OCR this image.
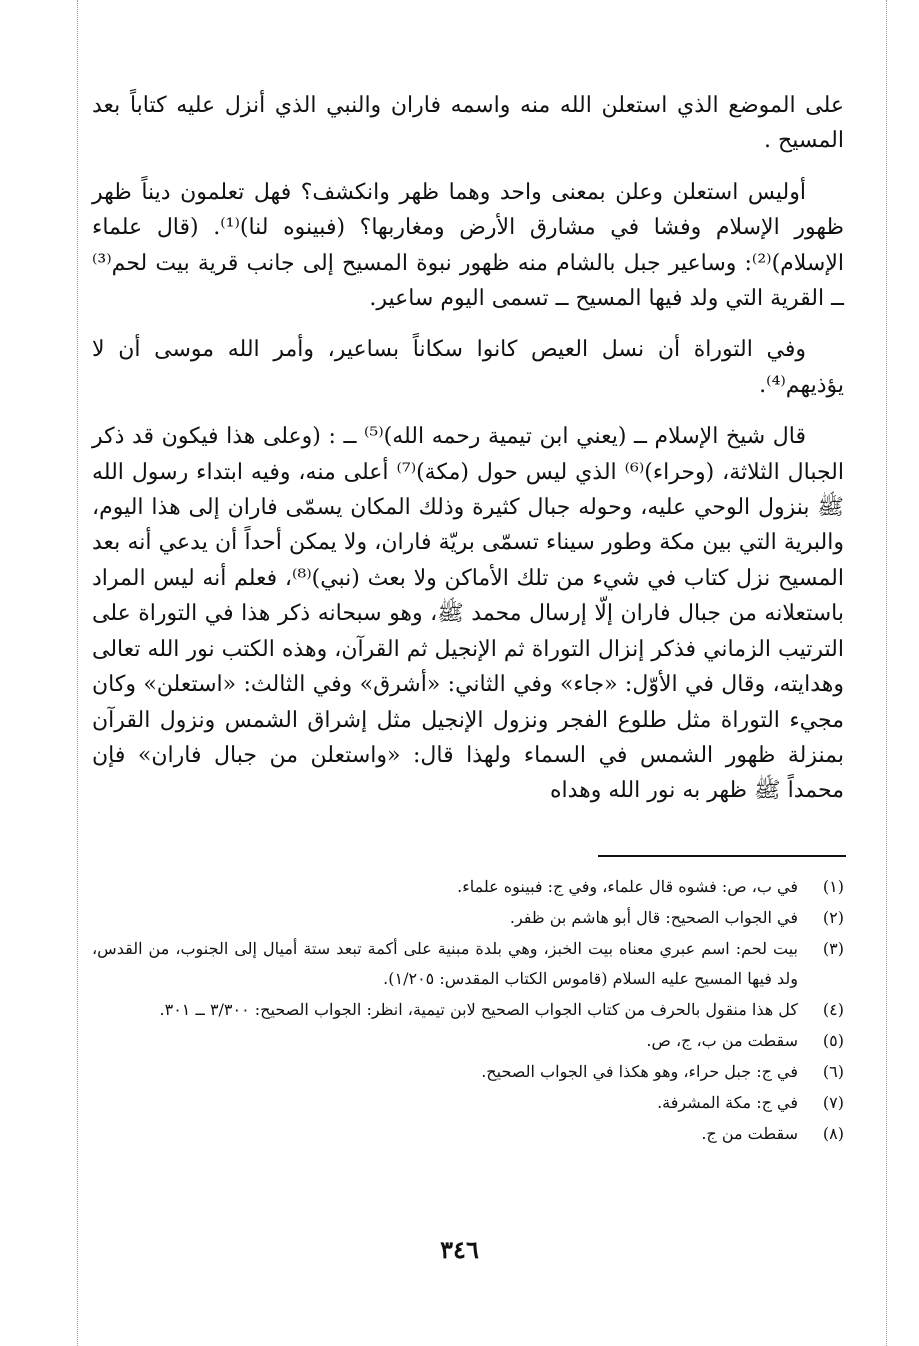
على الموضع الذي استعلن الله منه واسمه فاران والنبي الذي أنزل عليه كتاباً بعد المسيح .

أوليس استعلن وعلن بمعنى واحد وهما ظهر وانكشف؟ فهل تعلمون ديناً ظهر ظهور الإسلام وفشا في مشارق الأرض ومغاربها؟ (فبينوه لنا)⁽¹⁾. (قال علماء الإسلام)⁽²⁾: وساعير جبل بالشام منه ظهور نبوة المسيح إلى جانب قرية بيت لحم⁽³⁾ ــ القرية التي ولد فيها المسيح ــ تسمى اليوم ساعير.

وفي التوراة أن نسل العيص كانوا سكاناً بساعير، وأمر الله موسى أن لا يؤذيهم⁽⁴⁾.

قال شيخ الإسلام ــ (يعني ابن تيمية رحمه الله)⁽⁵⁾ ــ : (وعلى هذا فيكون قد ذكر الجبال الثلاثة، (وحراء)⁽⁶⁾ الذي ليس حول (مكة)⁽⁷⁾ أعلى منه، وفيه ابتداء رسول الله ﷺ بنزول الوحي عليه، وحوله جبال كثيرة وذلك المكان يسمّى فاران إلى هذا اليوم، والبرية التي بين مكة وطور سيناء تسمّى بريّة فاران، ولا يمكن أحداً أن يدعي أنه بعد المسيح نزل كتاب في شيء من تلك الأماكن ولا بعث (نبي)⁽⁸⁾، فعلم أنه ليس المراد باستعلانه من جبال فاران إلّا إرسال محمد ﷺ، وهو سبحانه ذكر هذا في التوراة على الترتيب الزماني فذكر إنزال التوراة ثم الإنجيل ثم القرآن، وهذه الكتب نور الله تعالى وهدايته، وقال في الأوّل: «جاء» وفي الثاني: «أشرق» وفي الثالث: «استعلن» وكان مجيء التوراة مثل طلوع الفجر ونزول الإنجيل مثل إشراق الشمس ونزول القرآن بمنزلة ظهور الشمس في السماء ولهذا قال: «واستعلن من جبال فاران» فإن محمداً ﷺ ظهر به نور الله وهداه

(١)
في ب، ص: فشوه قال علماء، وفي ج: فبينوه علماء.
(٢)
في الجواب الصحيح: قال أبو هاشم بن ظفر.
(٣)
بيت لحم: اسم عبري معناه بيت الخبز، وهي بلدة مبنية على أكمة تبعد ستة أميال إلى الجنوب، من القدس، ولد فيها المسيح عليه السلام (قاموس الكتاب المقدس: ١/٢٠٥).
(٤)
كل هذا منقول بالحرف من كتاب الجواب الصحيح لابن تيمية، انظر: الجواب الصحيح: ٣/٣٠٠ ــ ٣٠١.
(٥)
سقطت من ب، ج، ص.
(٦)
في ج: جبل حراء، وهو هكذا في الجواب الصحيح.
(٧)
في ج: مكة المشرفة.
(٨)
سقطت من ج.
٣٤٦
